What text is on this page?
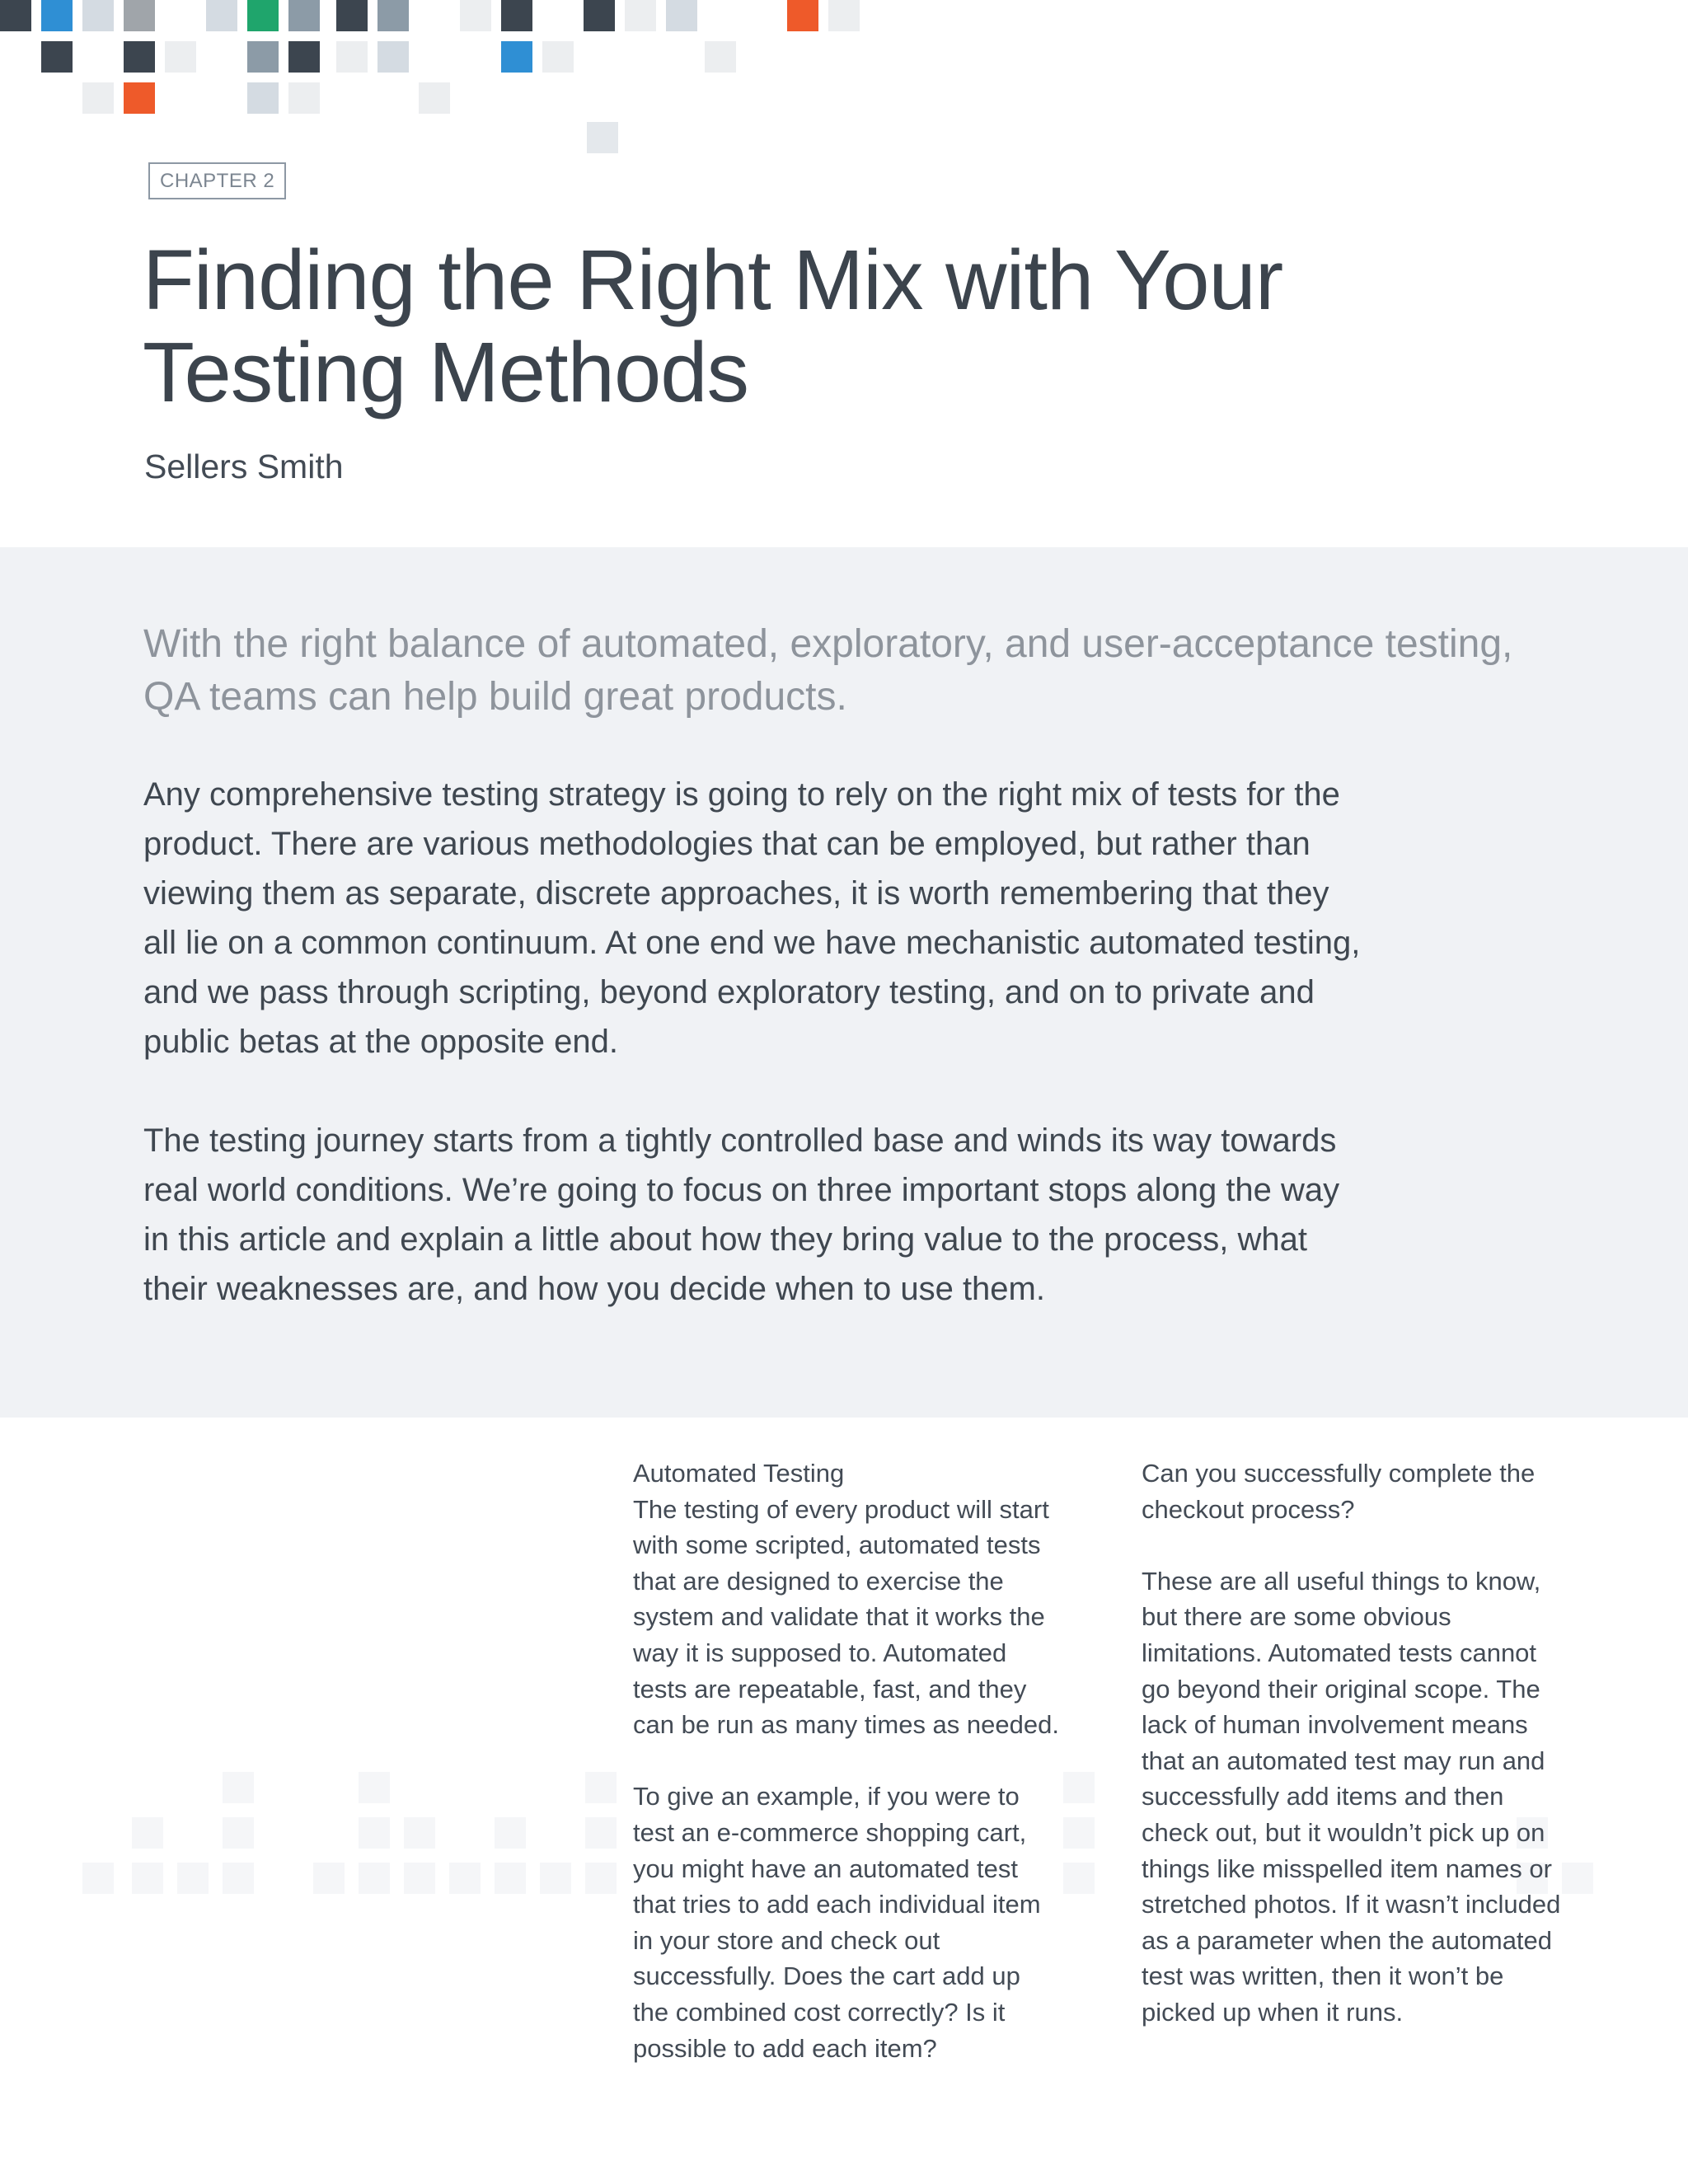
CHAPTER 2
Finding the Right Mix with Your Testing Methods
Sellers Smith

With the right balance of automated, exploratory, and user-acceptance testing, QA teams can help build great products.

Any comprehensive testing strategy is going to rely on the right mix of tests for the product. There are various methodologies that can be employed, but rather than viewing them as separate, discrete approaches, it is worth remembering that they all lie on a common continuum. At one end we have mechanistic automated testing, and we pass through scripting, beyond exploratory testing, and on to private and public betas at the opposite end.

The testing journey starts from a tightly controlled base and winds its way towards real world conditions. We’re going to focus on three important stops along the way in this article and explain a little about how they bring value to the process, what their weaknesses are, and how you decide when to use them.

Automated Testing

The testing of every product will start with some scripted, automated tests that are designed to exercise the system and validate that it works the way it is supposed to. Automated tests are repeatable, fast, and they can be run as many times as needed.

To give an example, if you were to test an e-commerce shopping cart, you might have an automated test that tries to add each individual item in your store and check out successfully. Does the cart add up the combined cost correctly? Is it possible to add each item?

Can you successfully complete the checkout process?

These are all useful things to know, but there are some obvious limitations. Automated tests cannot go beyond their original scope. The lack of human involvement means that an automated test may run and successfully add items and then check out, but it wouldn’t pick up on things like misspelled item names or stretched photos. If it wasn’t included as a parameter when the automated test was written, then it won’t be picked up when it runs.
